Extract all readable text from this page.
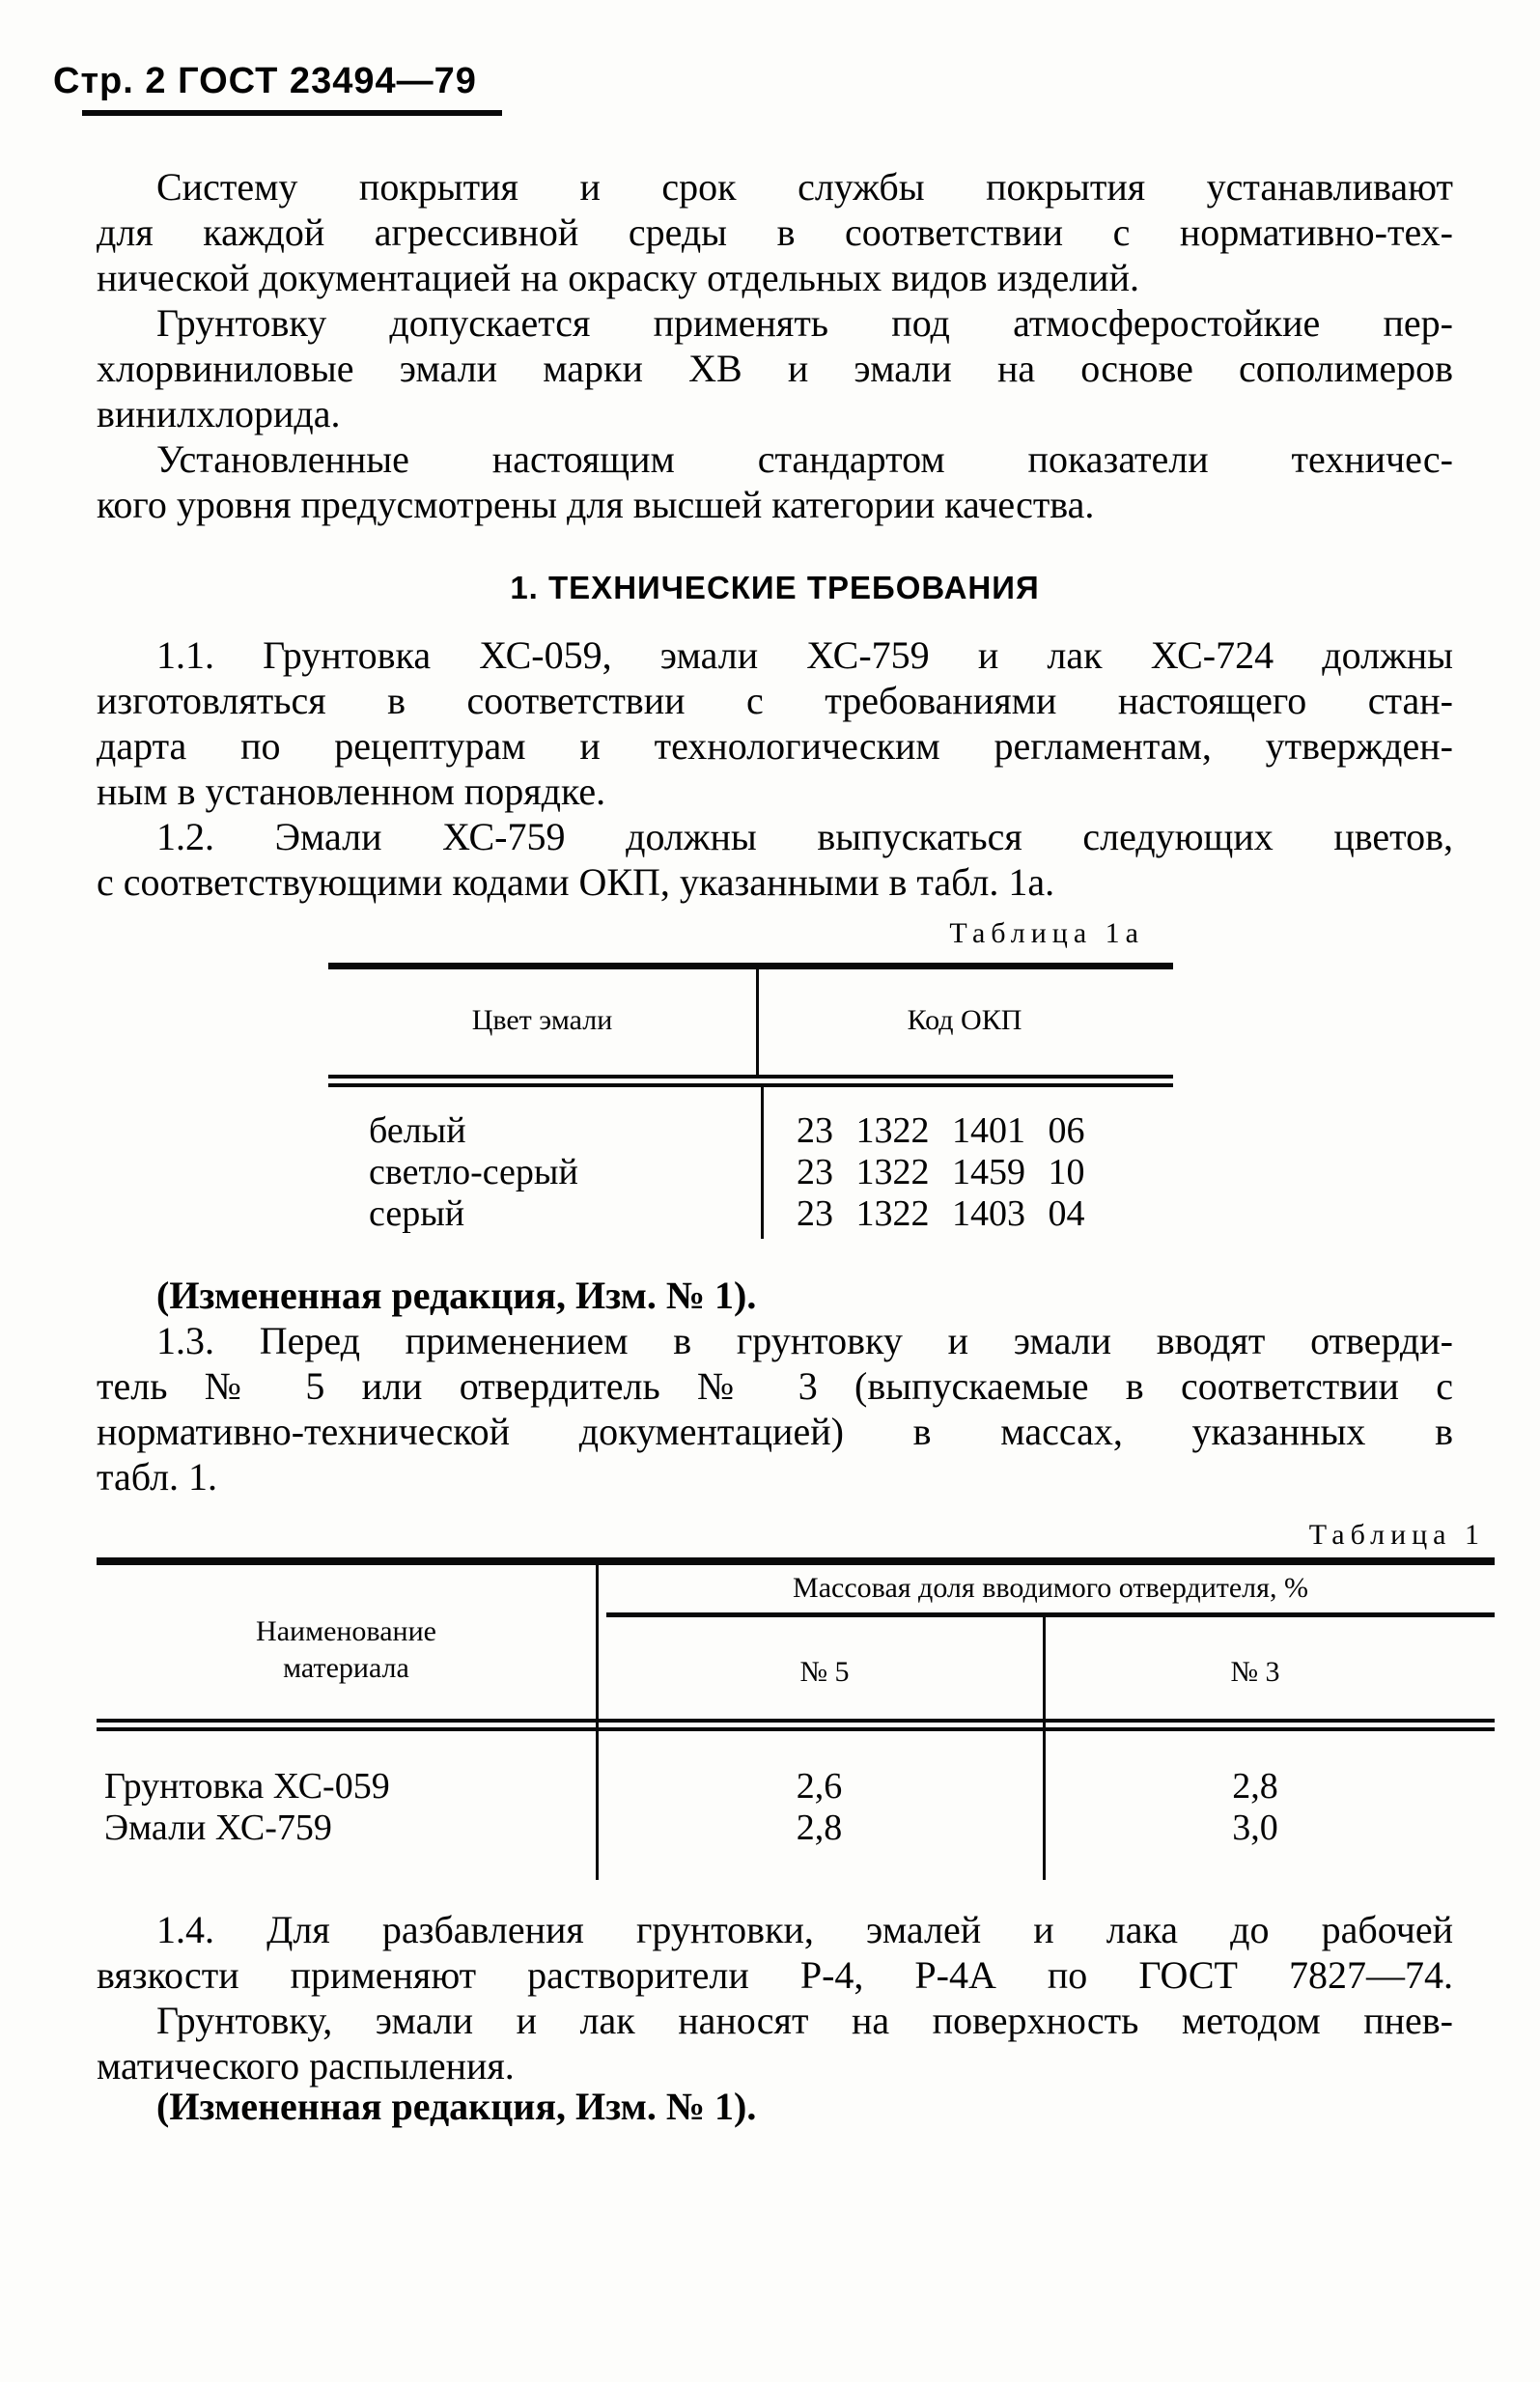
Стр. 2 ГОСТ 23494—79
Систему покрытия и срок службы покрытия устанавливают
для каждой агрессивной среды в соответствии с нормативно-тех-
нической документацией на окраску отдельных видов изделий.
Грунтовку допускается применять под атмосферостойкие пер-
хлорвиниловые эмали марки ХВ и эмали на основе сополимеров
винилхлорида.
Установленные настоящим стандартом показатели техничес-
кого уровня предусмотрены для высшей категории качества.
1. ТЕХНИЧЕСКИЕ ТРЕБОВАНИЯ
1.1. Грунтовка ХС-059, эмали ХС-759 и лак ХС-724 должны
изготовляться в соответствии с требованиями настоящего стан-
дарта по рецептурам и технологическим регламентам, утвержден-
ным в установленном порядке.
1.2. Эмали ХС-759 должны выпускаться следующих цветов,
с соответствующими кодами ОКП, указанными в табл. 1а.
Таблица 1а
Цвет эмали	Код ОКП
белый	23 1322 1401 06
светло-серый	23 1322 1459 10
серый	23 1322 1403 04
(Измененная редакция, Изм. № 1).
1.3. Перед применением в грунтовку и эмали вводят отверди-
тель № 5 или отвердитель № 3 (выпускаемые в соответствии с
нормативно-технической документацией) в массах, указанных в
табл. 1.
Таблица 1
Массовая доля вводимого отвердителя, %
Наименование
материала	№ 5	№ 3
Грунтовка ХС-059	2,6	2,8
Эмали ХС-759	2,8	3,0
1.4. Для разбавления грунтовки, эмалей и лака до рабочей
вязкости применяют растворители Р-4, Р-4А по ГОСТ 7827—74.
Грунтовку, эмали и лак наносят на поверхность методом пнев-
матического распыления.
(Измененная редакция, Изм. № 1).
